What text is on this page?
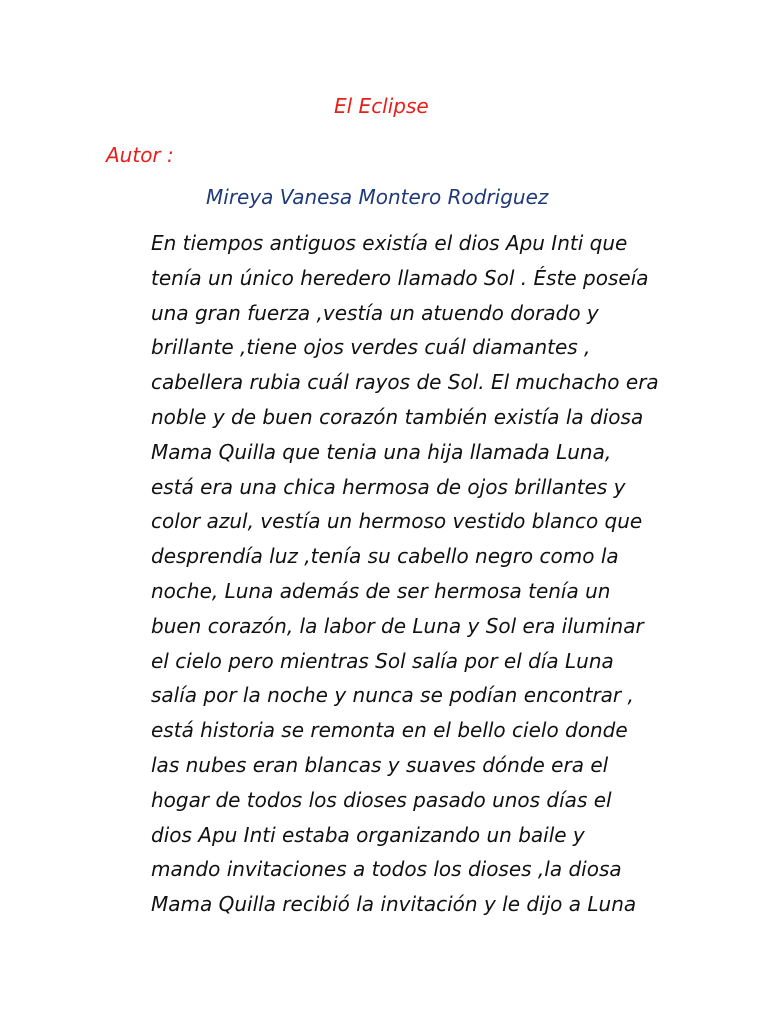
El Eclipse
Autor :
Mireya Vanesa Montero Rodriguez
En tiempos antiguos existía el dios Apu Inti que
tenía un único heredero llamado Sol . Éste poseía
una gran fuerza ,vestía un atuendo dorado y
brillante ,tiene ojos verdes cuál diamantes ,
cabellera rubia cuál rayos de Sol. El muchacho era
noble y de buen corazón también existía la diosa
Mama Quilla que tenia una hija llamada Luna,
está era una chica hermosa de ojos brillantes y
color azul, vestía un hermoso vestido blanco que
desprendía luz ,tenía su cabello negro como la
noche, Luna además de ser hermosa tenía un
buen corazón, la labor de Luna y Sol era iluminar
el cielo pero mientras Sol salía por el día Luna
salía por la noche y nunca se podían encontrar ,
está historia se remonta en el bello cielo donde
las nubes eran blancas y suaves dónde era el
hogar de todos los dioses pasado unos días el
dios Apu Inti estaba organizando un baile y
mando invitaciones a todos los dioses ,la diosa
Mama Quilla recibió la invitación y le dijo a Luna
